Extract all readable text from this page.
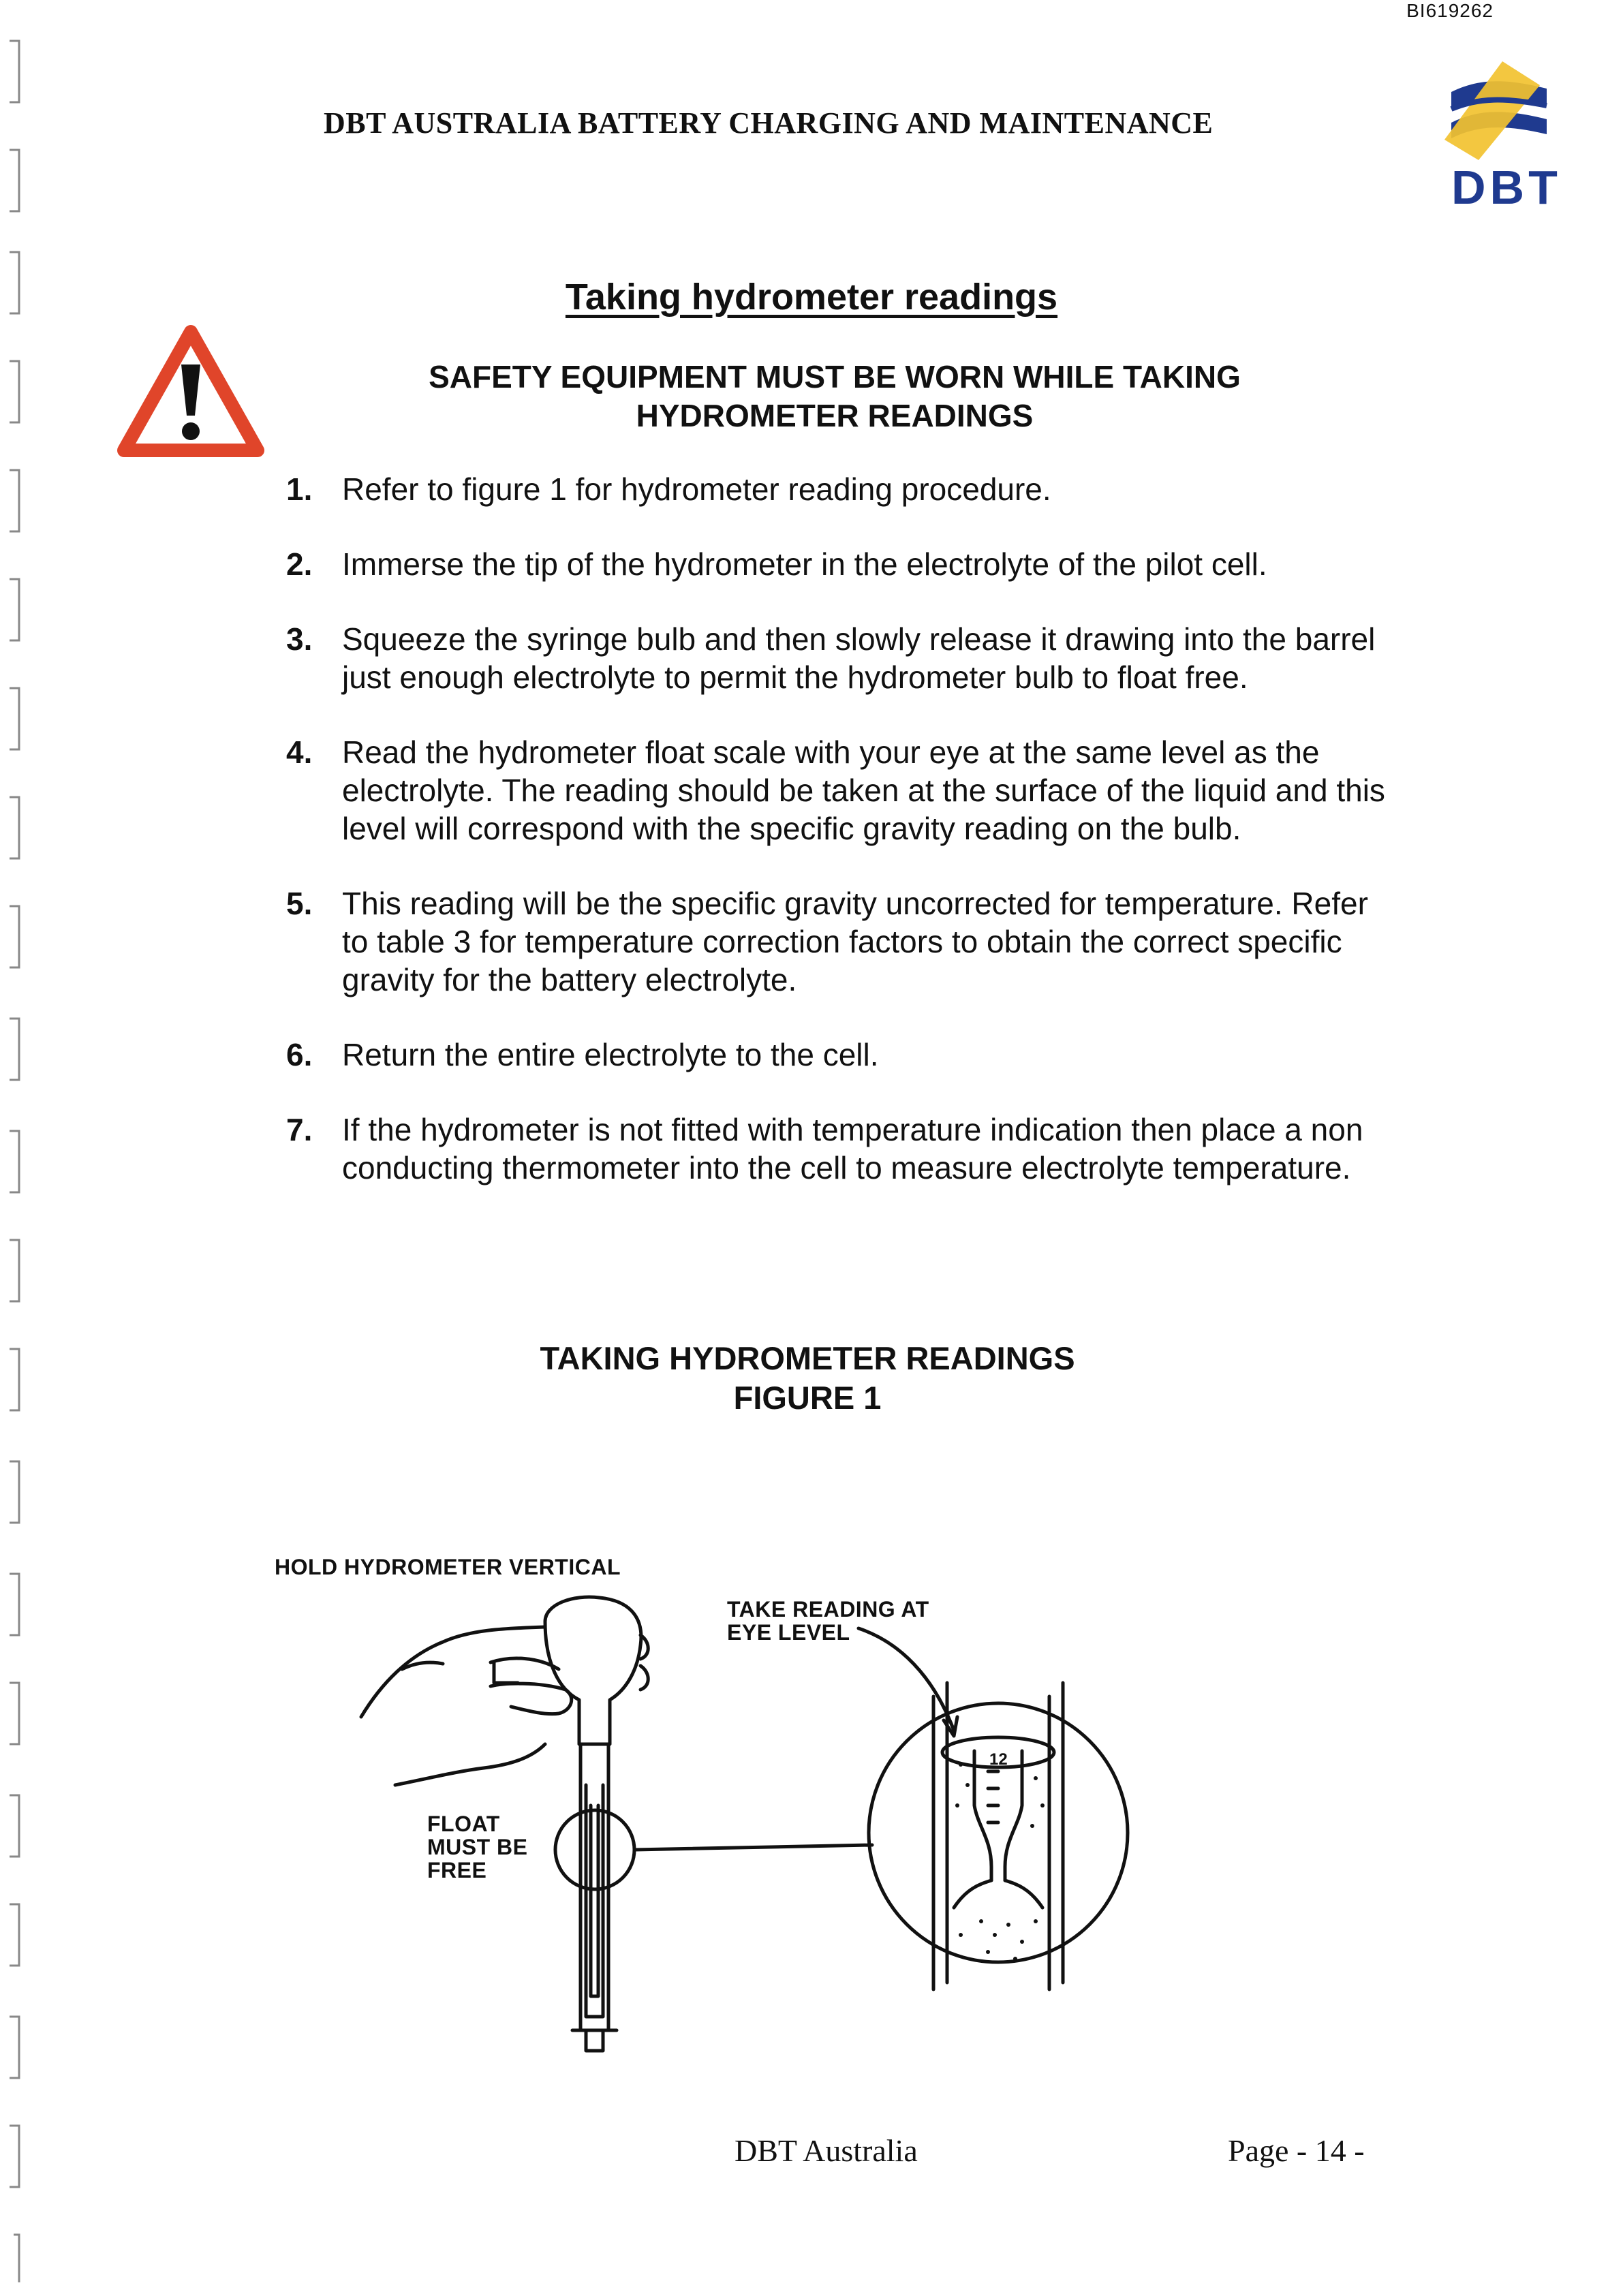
BI619262
DBT AUSTRALIA BATTERY CHARGING AND MAINTENANCE
DBT
Taking hydrometer readings
SAFETY EQUIPMENT MUST BE WORN WHILE TAKING
HYDROMETER READINGS
1. Refer to figure 1 for hydrometer reading procedure.
2. Immerse the tip of the hydrometer in the electrolyte of the pilot cell.
3. Squeeze the syringe bulb and then slowly release it drawing into the barrel just enough electrolyte to permit the hydrometer bulb to float free.
4. Read the hydrometer float scale with your eye at the same level as the electrolyte. The reading should be taken at the surface of the liquid and this level will correspond with the specific gravity reading on the bulb.
5. This reading will be the specific gravity uncorrected for temperature. Refer to table 3 for temperature correction factors to obtain the correct specific gravity for the battery electrolyte.
6. Return the entire electrolyte to the cell.
7. If the hydrometer is not fitted with temperature indication then place a non conducting thermometer into the cell to measure electrolyte temperature.
TAKING HYDROMETER READINGS
FIGURE 1
HOLD HYDROMETER VERTICAL
TAKE READING AT
EYE LEVEL
FLOAT
MUST BE
FREE
12
DBT Australia	Page - 14 -
